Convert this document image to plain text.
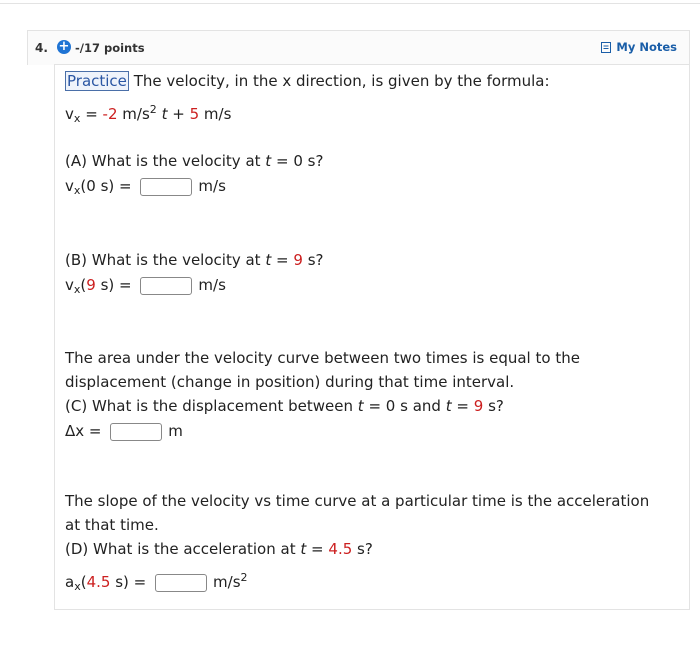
4. + -/17 points	My Notes
Practice The velocity, in the x direction, is given by the formula:
$v_x = -2$ $m/s^2$ t + 5 m/s
(A) What is the velocity at t = 0 s?
$v_x(0$ s) =	m/s
(B) What is the velocity at t = 9 s?
$v_x(9$ s) =	m/s
The area under the velocity curve between two times is equal to the
displacement (change in position) during that time interval.
(C) What is the displacement between t = 0 s and t = 9 s?
Δx =	m
The slope of the velocity vs time curve at a particular time is the acceleration
at that time.
(D) What is the acceleration at t = 4.5 s?
$a_x(4.5$ s) =	$m/s^2$
